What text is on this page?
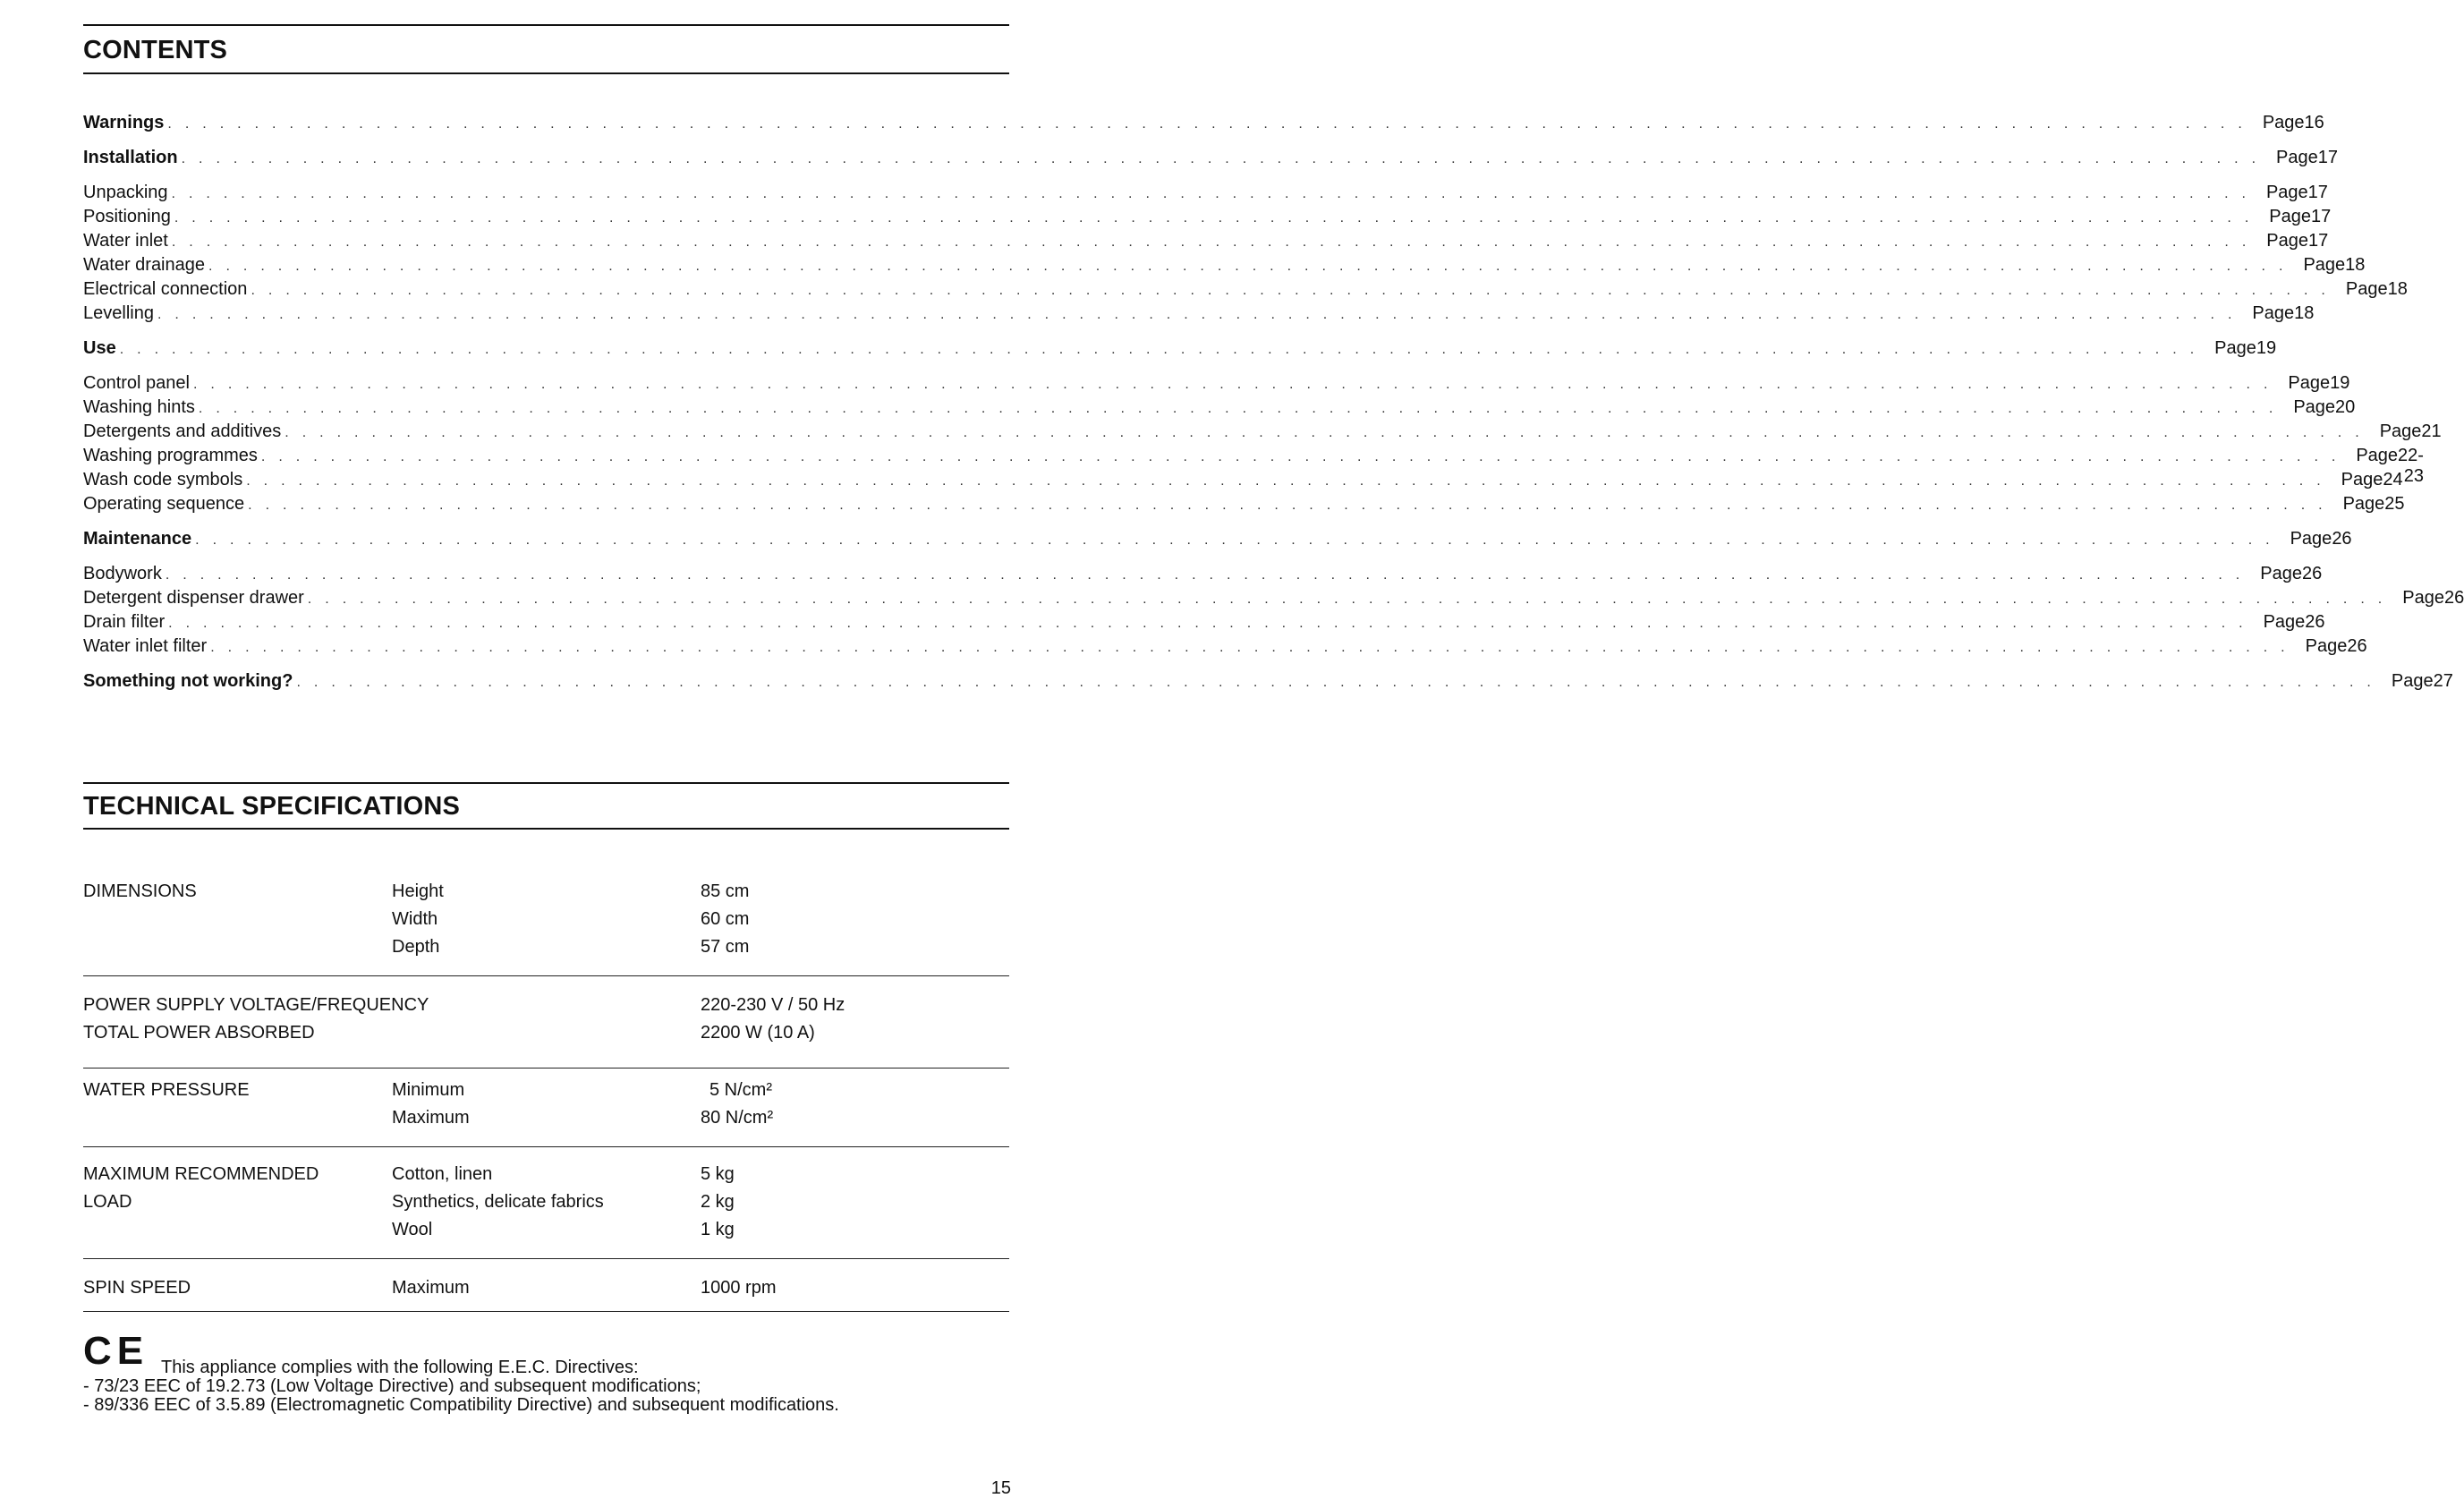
CONTENTS
Warnings ........................................................................................................................ Page 16
Installation ........................................................................................................................ Page 17
Unpacking ........................................................................................................................ Page 17
Positioning ........................................................................................................................ Page 17
Water inlet ........................................................................................................................ Page 17
Water drainage ........................................................................................................................ Page 18
Electrical connection ........................................................................................................................ Page 18
Levelling ........................................................................................................................ Page 18
Use ........................................................................................................................ Page 19
Control panel ........................................................................................................................ Page 19
Washing hints ........................................................................................................................ Page 20
Detergents and additives ........................................................................................................................ Page 21
Washing programmes ........................................................................................................................ Page 22-23
Wash code symbols ........................................................................................................................ Page 24
Operating sequence ........................................................................................................................ Page 25
Maintenance ........................................................................................................................ Page 26
Bodywork ........................................................................................................................ Page 26
Detergent dispenser drawer ........................................................................................................................ Page 26
Drain filter ........................................................................................................................ Page 26
Water inlet filter ........................................................................................................................ Page 26
Something not working? ........................................................................................................................ Page 27
TECHNICAL SPECIFICATIONS
DIMENSIONS	Height	85 cm
Width	60 cm
Depth	57 cm
POWER SUPPLY VOLTAGE/FREQUENCY	220-230 V / 50 Hz
TOTAL POWER ABSORBED	2200 W (10 A)
WATER PRESSURE	Minimum	5 N/cm²
Maximum	80 N/cm²
MAXIMUM RECOMMENDED	Cotton, linen	5 kg
LOAD	Synthetics, delicate fabrics	2 kg
Wool	1 kg
SPIN SPEED	Maximum	1000 rpm
CE This appliance complies with the following E.E.C. Directives:
- 73/23 EEC of 19.2.73 (Low Voltage Directive) and subsequent modifications;
- 89/336 EEC of 3.5.89 (Electromagnetic Compatibility Directive) and subsequent modifications.
15
